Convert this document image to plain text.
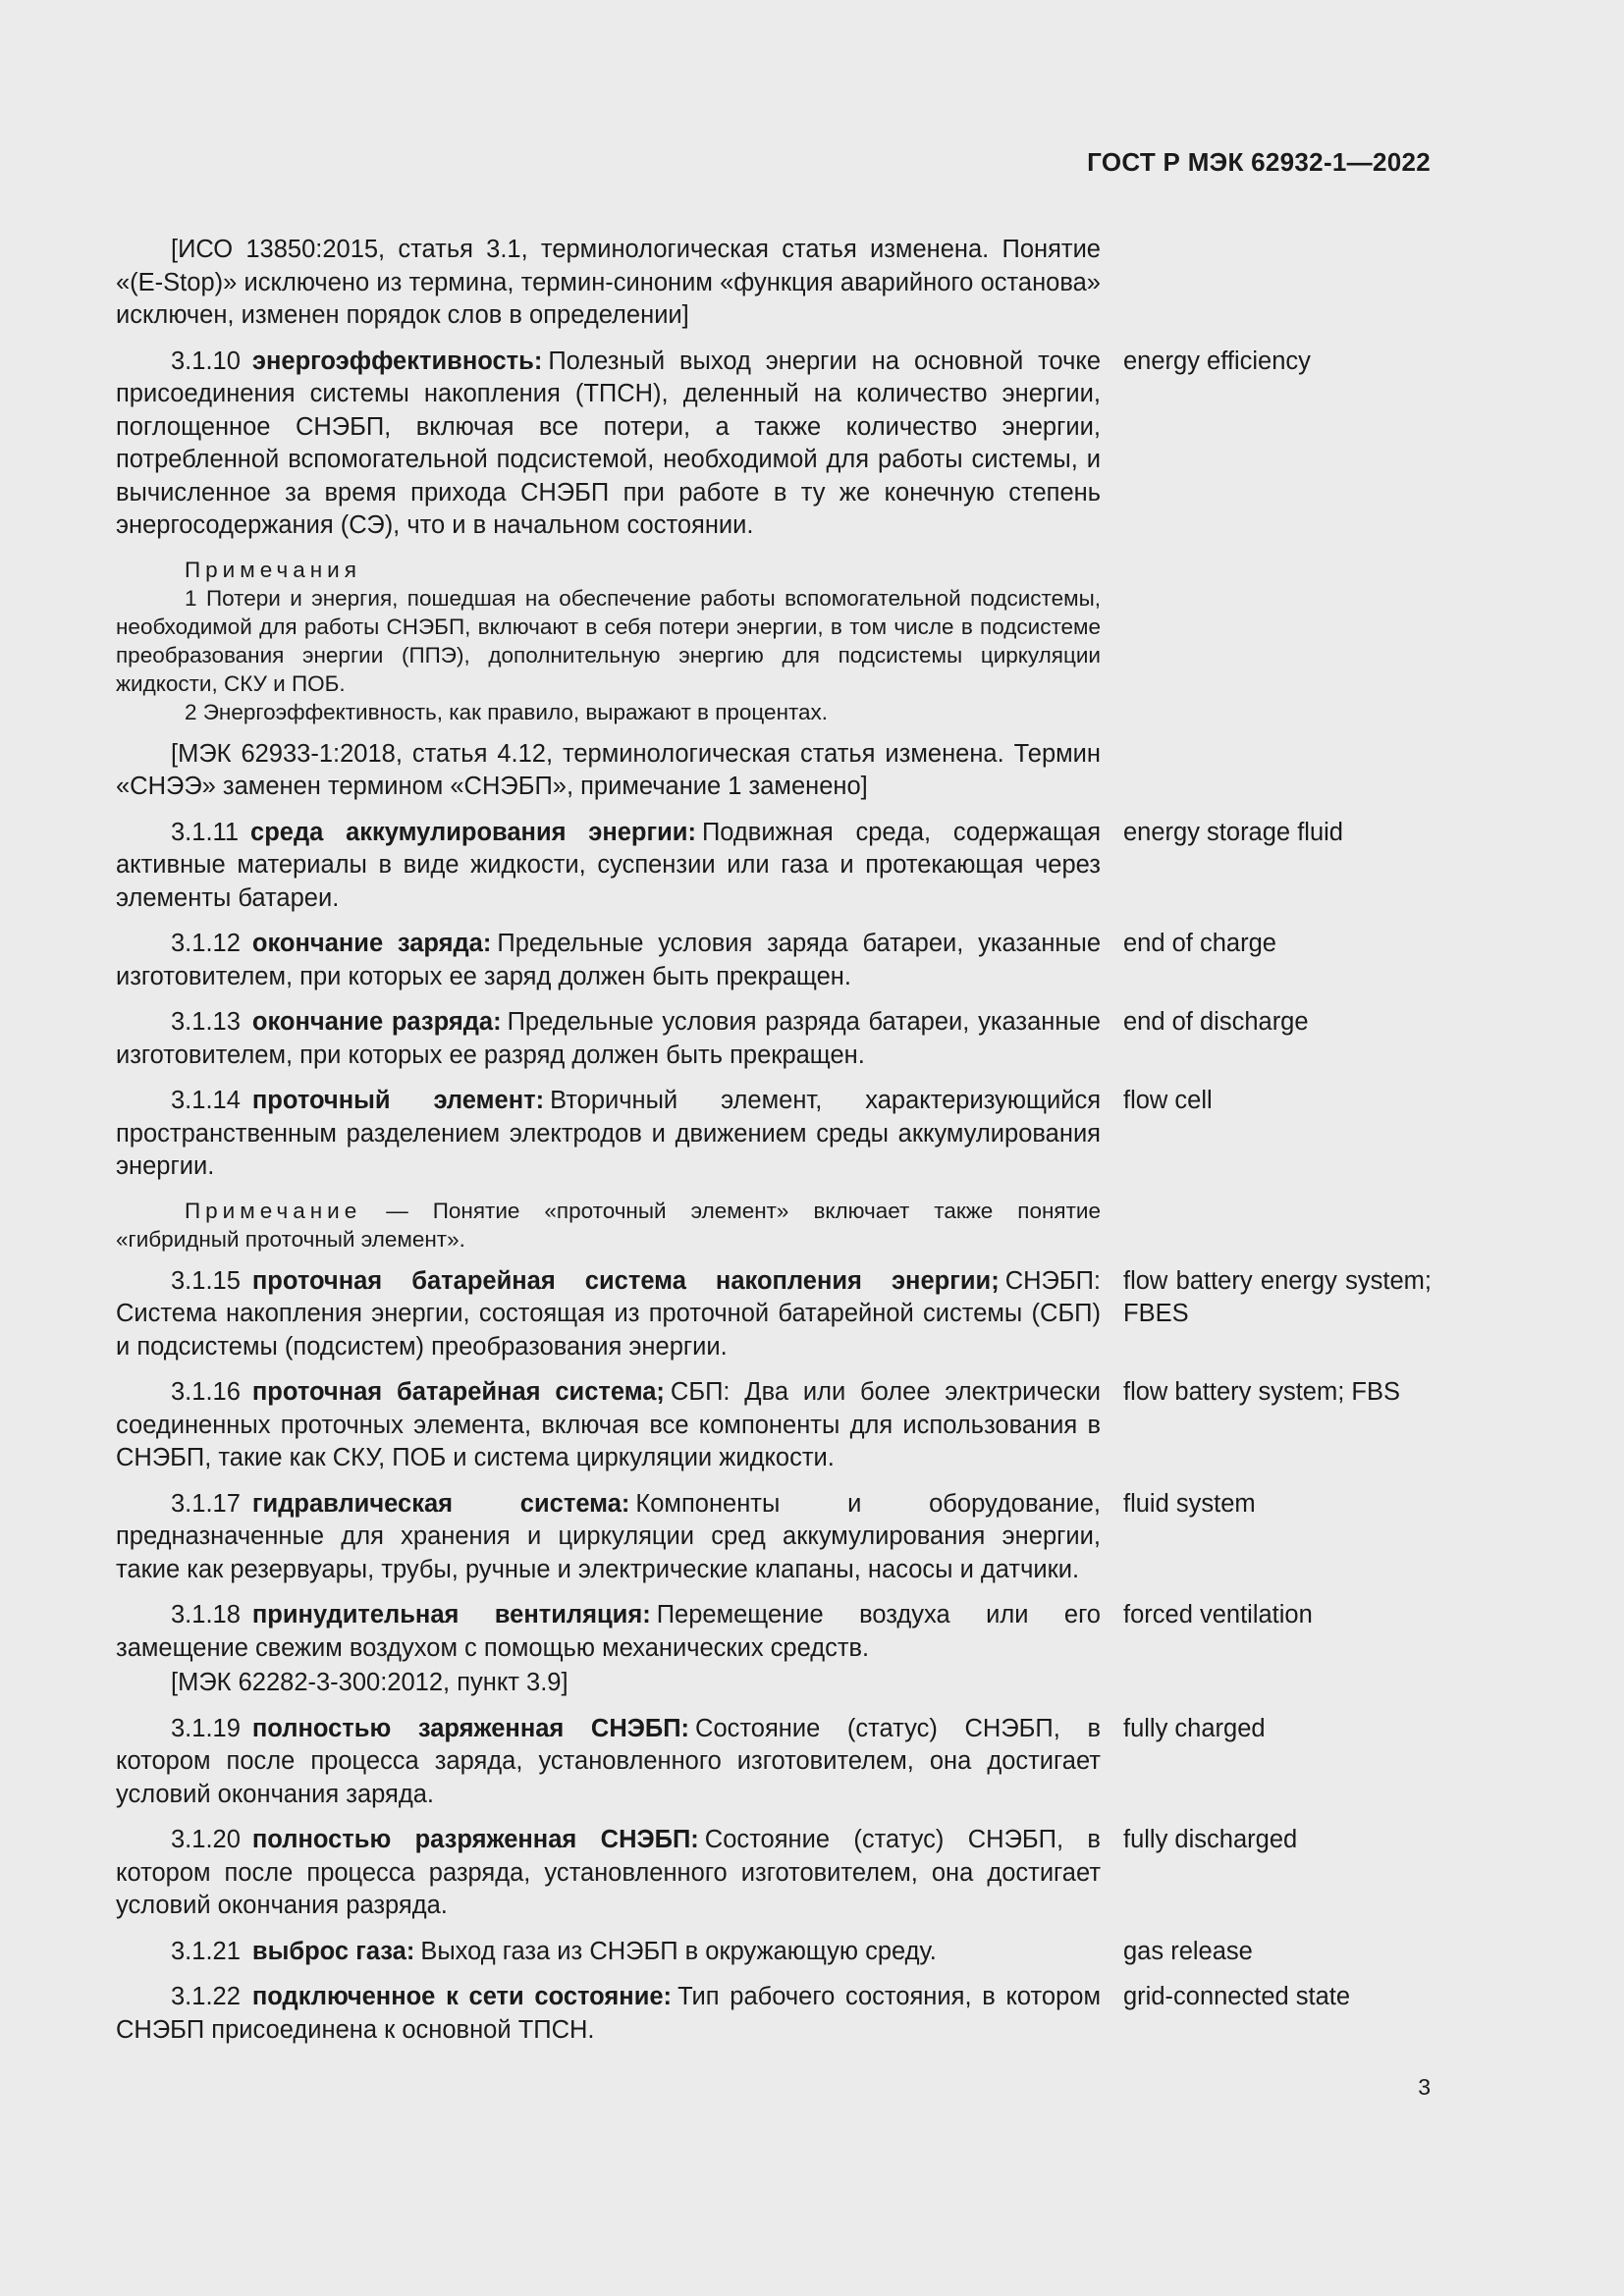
ГОСТ Р МЭК 62932-1—2022
[ИСО 13850:2015, статья 3.1, терминологическая статья изменена. Понятие «(E-Stop)» исключено из термина, термин-синоним «функция аварийного останова» исключен, изменен порядок слов в определении]
3.1.10 энергоэффективность: Полезный выход энергии на основной точке присоединения системы накопления (ТПСН), деленный на количество энергии, поглощенное СНЭБП, включая все потери, а также количество энергии, потребленной вспомогательной подсистемой, необходимой для работы системы, и вычисленное за время прихода СНЭБП при работе в ту же конечную степень энергосодержания (СЭ), что и в начальном состоянии.
energy efficiency
Примечания
1 Потери и энергия, пошедшая на обеспечение работы вспомогательной подсистемы, необходимой для работы СНЭБП, включают в себя потери энергии, в том числе в подсистеме преобразования энергии (ППЭ), дополнительную энергию для подсистемы циркуляции жидкости, СКУ и ПОБ.
2 Энергоэффективность, как правило, выражают в процентах.
[МЭК 62933-1:2018, статья 4.12, терминологическая статья изменена. Термин «СНЭЭ» заменен термином «СНЭБП», примечание 1 заменено]
3.1.11 среда аккумулирования энергии: Подвижная среда, содержащая активные материалы в виде жидкости, суспензии или газа и протекающая через элементы батареи.
energy storage fluid
3.1.12 окончание заряда: Предельные условия заряда батареи, указанные изготовителем, при которых ее заряд должен быть прекращен.
end of charge
3.1.13 окончание разряда: Предельные условия разряда батареи, указанные изготовителем, при которых ее разряд должен быть прекращен.
end of discharge
3.1.14 проточный элемент: Вторичный элемент, характеризующийся пространственным разделением электродов и движением среды аккумулирования энергии.
flow cell
Примечание — Понятие «проточный элемент» включает также понятие «гибридный проточный элемент».
3.1.15 проточная батарейная система накопления энергии; СНЭБП: Система накопления энергии, состоящая из проточной батарейной системы (СБП) и подсистемы (подсистем) преобразования энергии.
flow battery energy system; FBES
3.1.16 проточная батарейная система; СБП: Два или более электрически соединенных проточных элемента, включая все компоненты для использования в СНЭБП, такие как СКУ, ПОБ и система циркуляции жидкости.
flow battery system; FBS
3.1.17 гидравлическая система: Компоненты и оборудование, предназначенные для хранения и циркуляции сред аккумулирования энергии, такие как резервуары, трубы, ручные и электрические клапаны, насосы и датчики.
fluid system
3.1.18 принудительная вентиляция: Перемещение воздуха или его замещение свежим воздухом с помощью механических средств.
forced ventilation
[МЭК 62282-3-300:2012, пункт 3.9]
3.1.19 полностью заряженная СНЭБП: Состояние (статус) СНЭБП, в котором после процесса заряда, установленного изготовителем, она достигает условий окончания заряда.
fully charged
3.1.20 полностью разряженная СНЭБП: Состояние (статус) СНЭБП, в котором после процесса разряда, установленного изготовителем, она достигает условий окончания разряда.
fully discharged
3.1.21 выброс газа: Выход газа из СНЭБП в окружающую среду.	gas release
3.1.22 подключенное к сети состояние: Тип рабочего состояния, в котором СНЭБП присоединена к основной ТПСН.
grid-connected state
3
